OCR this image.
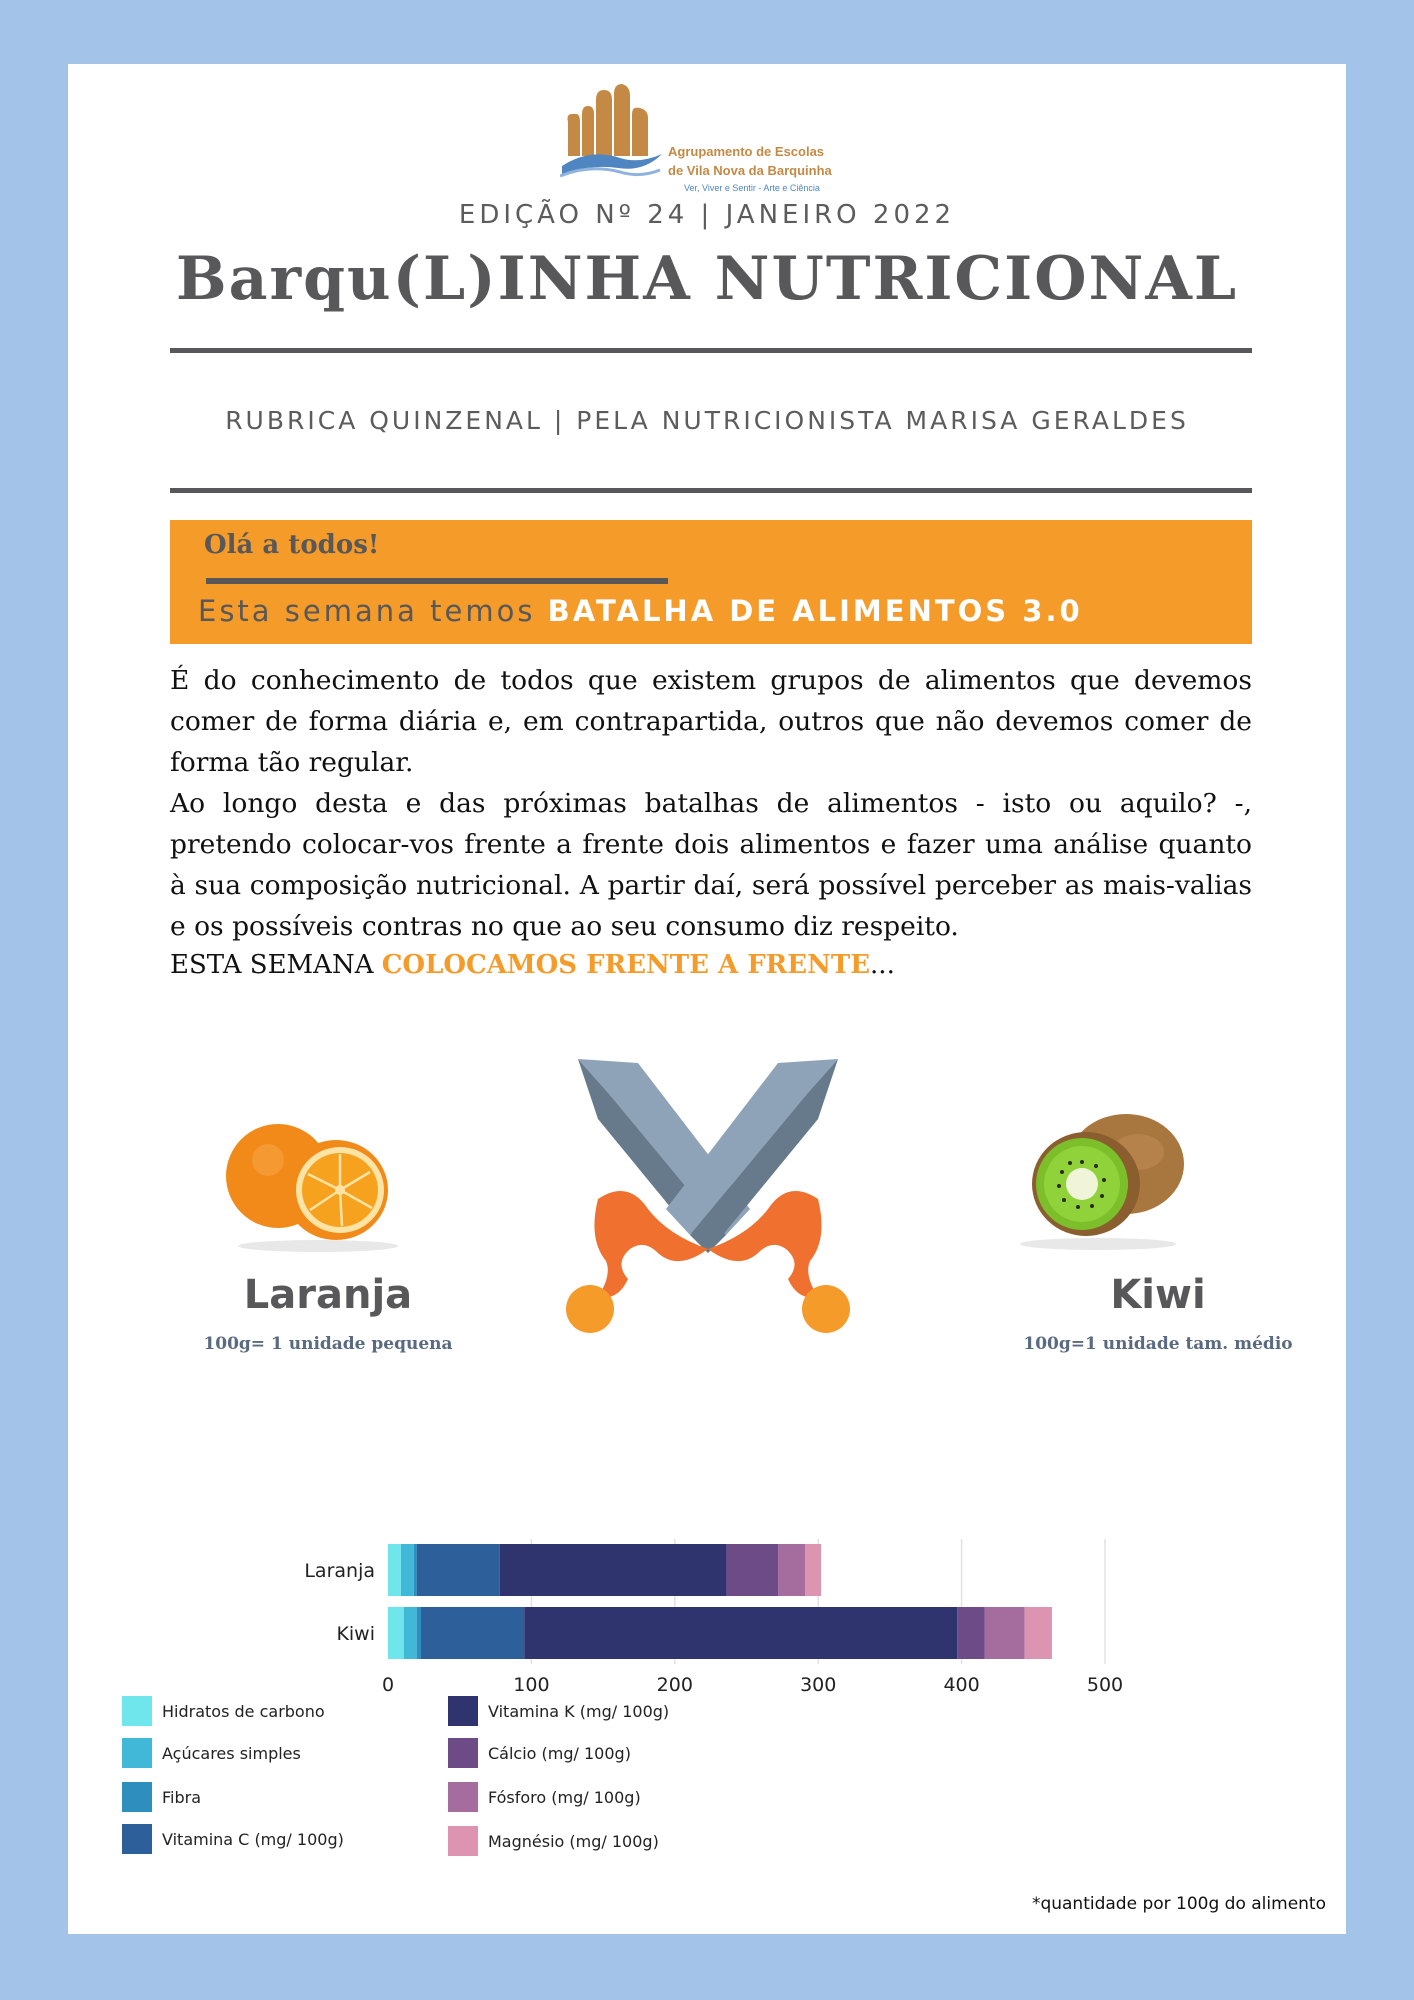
Agrupamento de Escolas
de Vila Nova da Barquinha
Ver, Viver e Sentir - Arte e Ciência
EDIÇÃO Nº 24 | JANEIRO 2022
Barqu(L)INHA NUTRICIONAL
RUBRICA QUINZENAL | PELA NUTRICIONISTA MARISA GERALDES
Olá a todos!
Esta semana temos BATALHA DE ALIMENTOS 3.0

É do conhecimento de todos que existem grupos de alimentos que devemos comer de forma diária e, em contrapartida, outros que não devemos comer de forma tão regular.

Ao longo desta e das próximas batalhas de alimentos - isto ou aquilo? -, pretendo colocar-vos frente a frente dois alimentos e fazer uma análise quanto à sua composição nutricional. A partir daí, será possível perceber as mais-valias e os possíveis contras no que ao seu consumo diz respeito.

ESTA SEMANA COLOCAMOS FRENTE A FRENTE...
Laranja
100g= 1 unidade pequena
Kiwi
100g=1 unidade tam. médio
0	100	200	300	400	500
Laranja
Kiwi
Hidratos de carbono
Açúcares simples
Fibra
Vitamina C (mg/ 100g)
Vitamina K (mg/ 100g)
Cálcio (mg/ 100g)
Fósforo (mg/ 100g)
Magnésio (mg/ 100g)
*quantidade por 100g do alimento
